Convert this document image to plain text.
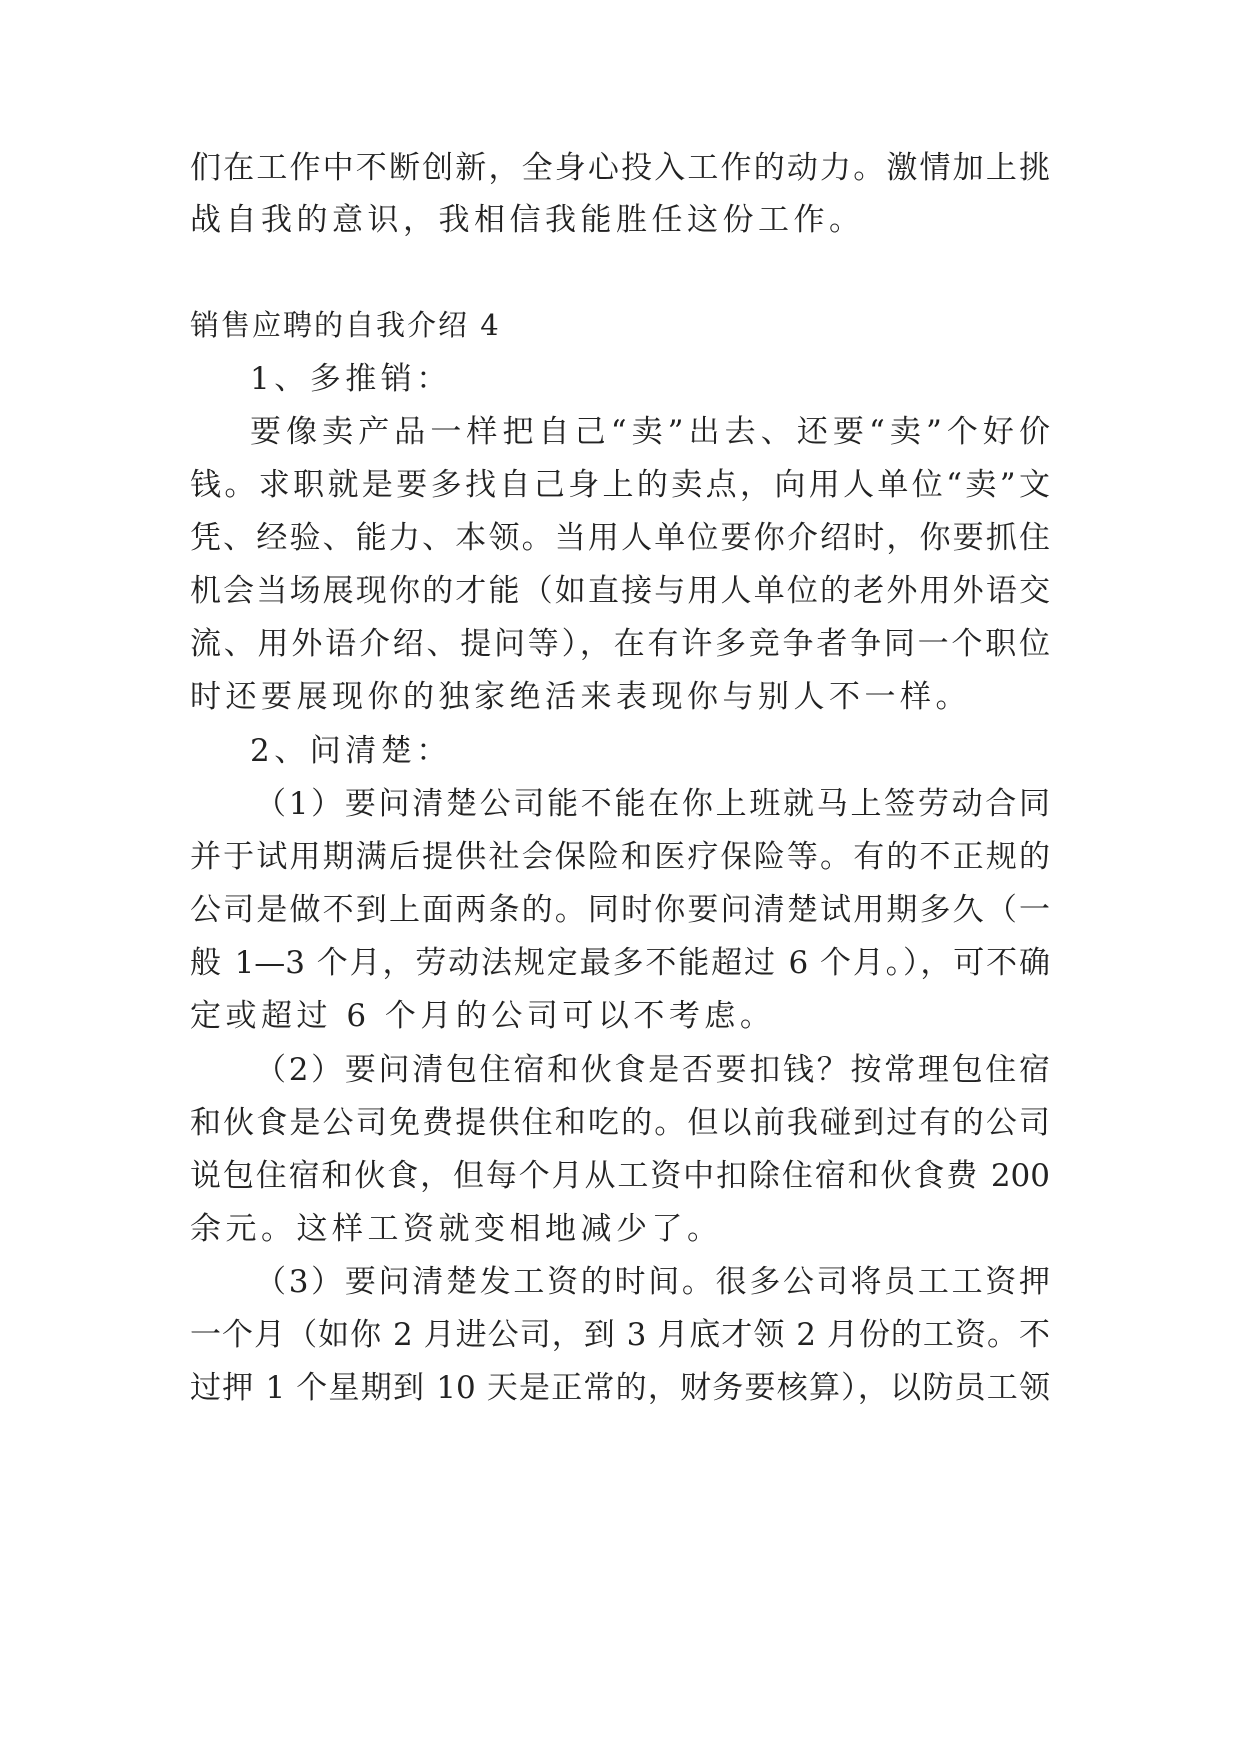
们在工作中不断创新，全身心投入工作的动力。激情加上挑
战自我的意识，我相信我能胜任这份工作。
销售应聘的自我介绍 4
1、多推销：
要像卖产品一样把自己“卖”出去、还要“卖”个好价
钱。求职就是要多找自己身上的卖点，向用人单位“卖”文
凭、经验、能力、本领。当用人单位要你介绍时，你要抓住
机会当场展现你的才能（如直接与用人单位的老外用外语交
流、用外语介绍、提问等），在有许多竞争者争同一个职位
时还要展现你的独家绝活来表现你与别人不一样。
2、问清楚：
（1）要问清楚公司能不能在你上班就马上签劳动合同
并于试用期满后提供社会保险和医疗保险等。有的不正规的
公司是做不到上面两条的。同时你要问清楚试用期多久（一
般 1—3 个月，劳动法规定最多不能超过 6 个月。），可不确
定或超过 6 个月的公司可以不考虑。
（2）要问清包住宿和伙食是否要扣钱？按常理包住宿
和伙食是公司免费提供住和吃的。但以前我碰到过有的公司
说包住宿和伙食，但每个月从工资中扣除住宿和伙食费 200
余元。这样工资就变相地减少了。
（3）要问清楚发工资的时间。很多公司将员工工资押
一个月（如你 2 月进公司，到 3 月底才领 2 月份的工资。不
过押 1 个星期到 10 天是正常的，财务要核算），以防员工领
